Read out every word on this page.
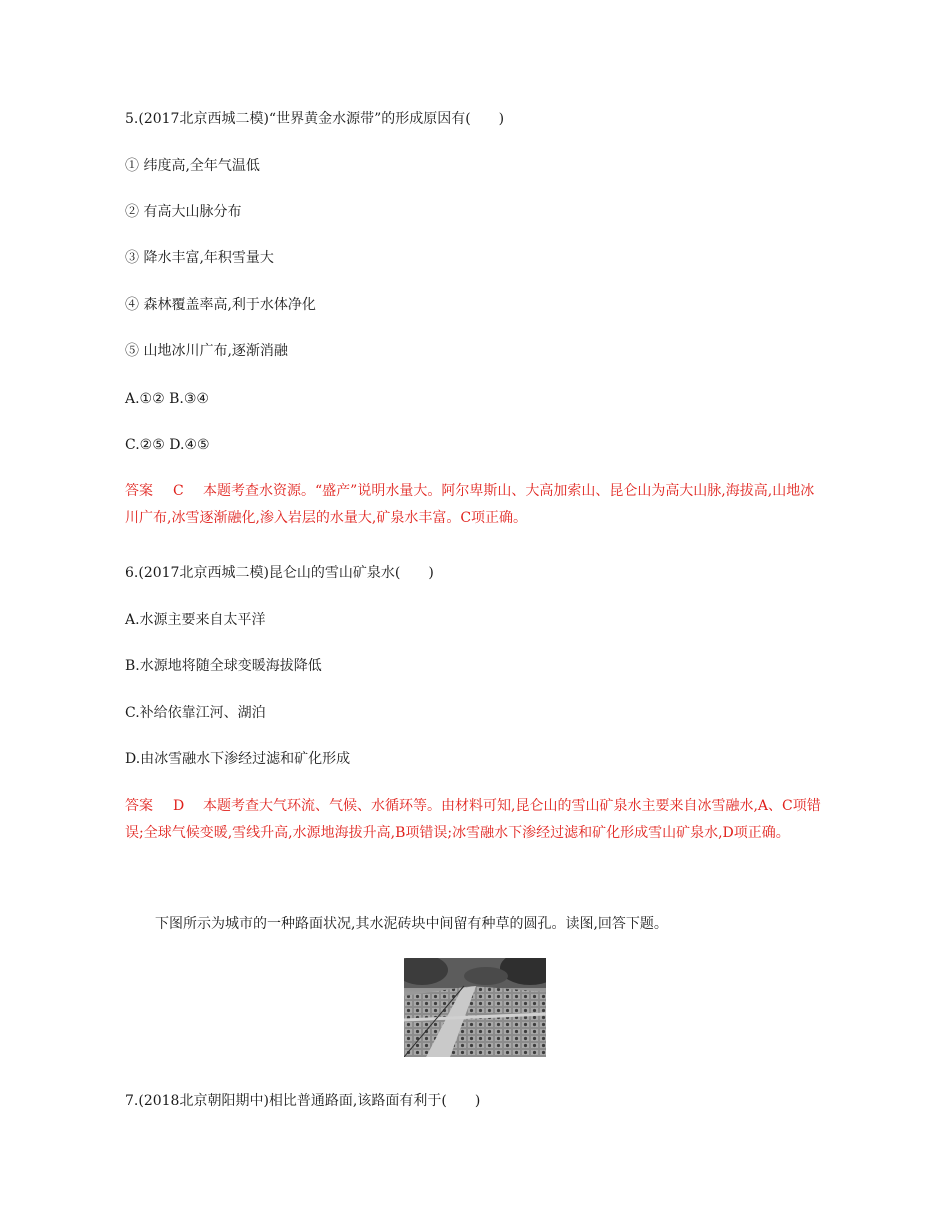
5.(2017北京西城二模)“世界黄金水源带”的形成原因有(　　)
① 纬度高,全年气温低
② 有高大山脉分布
③ 降水丰富,年积雪量大
④ 森林覆盖率高,利于水体净化
⑤ 山地冰川广布,逐渐消融
A.①② B.③④
C.②⑤ D.④⑤
答案 C 本题考查水资源。“盛产”说明水量大。阿尔卑斯山、大高加索山、昆仑山为高大山脉,海拔高,山地冰川广布,冰雪逐渐融化,渗入岩层的水量大,矿泉水丰富。C项正确。
6.(2017北京西城二模)昆仑山的雪山矿泉水(　　)
A.水源主要来自太平洋
B.水源地将随全球变暖海拔降低
C.补给依靠江河、湖泊
D.由冰雪融水下渗经过滤和矿化形成
答案 D 本题考查大气环流、气候、水循环等。由材料可知,昆仑山的雪山矿泉水主要来自冰雪融水,A、C项错误;全球气候变暖,雪线升高,水源地海拔升高,B项错误;冰雪融水下渗经过滤和矿化形成雪山矿泉水,D项正确。
下图所示为城市的一种路面状况,其水泥砖块中间留有种草的圆孔。读图,回答下题。
7.(2018北京朝阳期中)相比普通路面,该路面有利于(　　)
